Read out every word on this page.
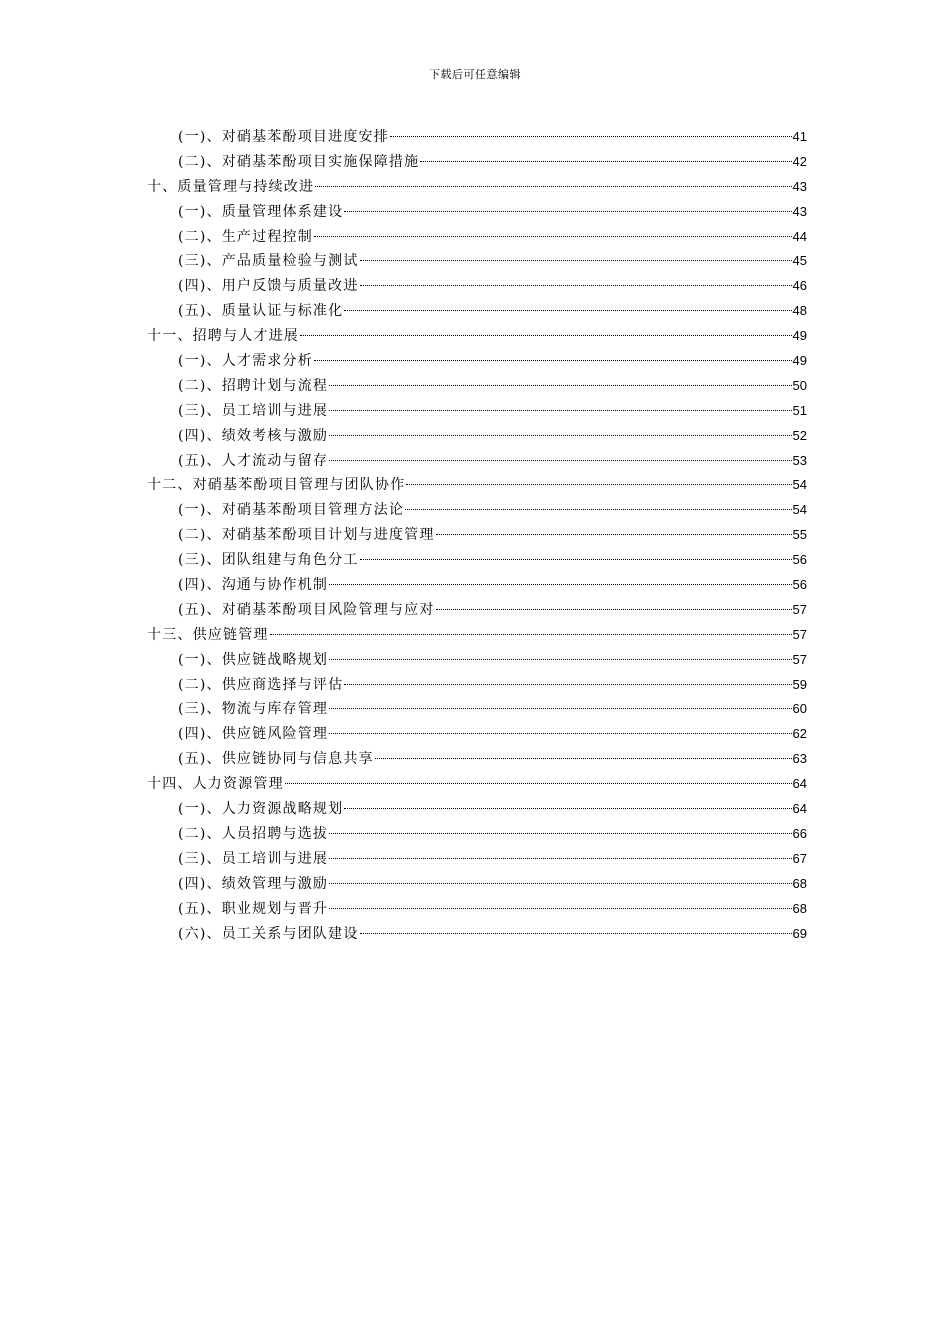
下载后可任意编辑
(一)、对硝基苯酚项目进度安排	41
(二)、对硝基苯酚项目实施保障措施	42
十、质量管理与持续改进	43
(一)、质量管理体系建设	43
(二)、生产过程控制	44
(三)、产品质量检验与测试	45
(四)、用户反馈与质量改进	46
(五)、质量认证与标准化	48
十一、招聘与人才进展	49
(一)、人才需求分析	49
(二)、招聘计划与流程	50
(三)、员工培训与进展	51
(四)、绩效考核与激励	52
(五)、人才流动与留存	53
十二、对硝基苯酚项目管理与团队协作	54
(一)、对硝基苯酚项目管理方法论	54
(二)、对硝基苯酚项目计划与进度管理	55
(三)、团队组建与角色分工	56
(四)、沟通与协作机制	56
(五)、对硝基苯酚项目风险管理与应对	57
十三、供应链管理	57
(一)、供应链战略规划	57
(二)、供应商选择与评估	59
(三)、物流与库存管理	60
(四)、供应链风险管理	62
(五)、供应链协同与信息共享	63
十四、人力资源管理	64
(一)、人力资源战略规划	64
(二)、人员招聘与选拔	66
(三)、员工培训与进展	67
(四)、绩效管理与激励	68
(五)、职业规划与晋升	68
(六)、员工关系与团队建设	69
